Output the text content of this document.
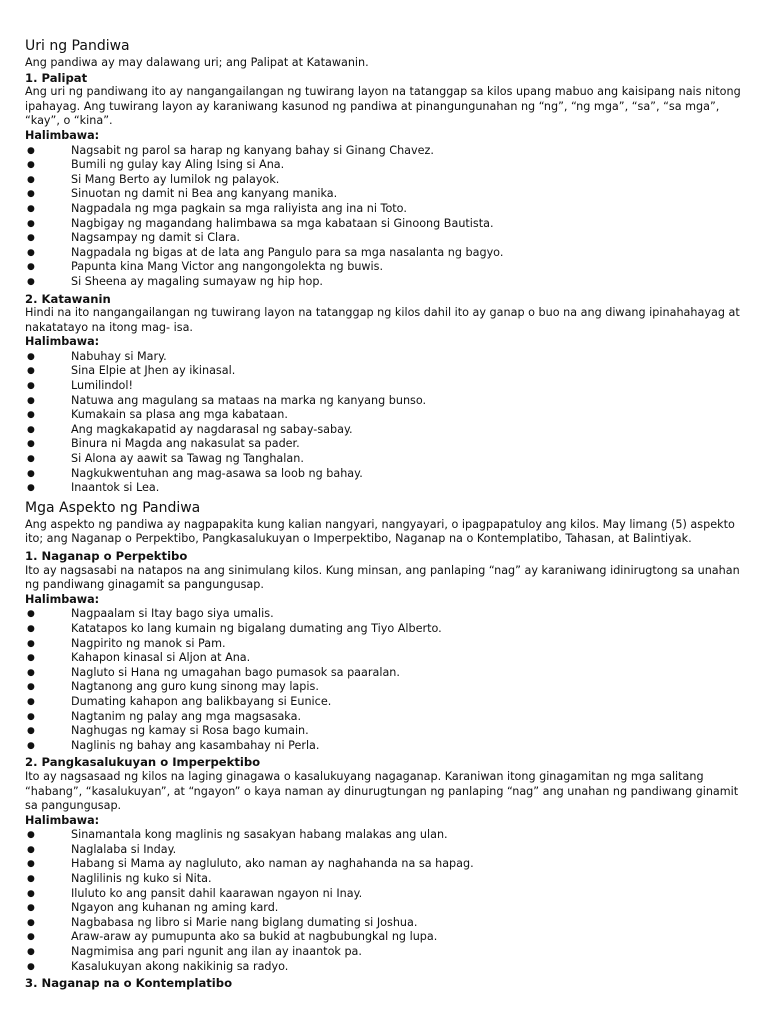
Uri ng Pandiwa

Ang pandiwa ay may dalawang uri; ang Palipat at Katawanin.

1. Palipat

Ang uri ng pandiwang ito ay nangangailangan ng tuwirang layon na tatanggap sa kilos upang mabuo ang kaisipang nais nitong ipahayag. Ang tuwirang layon ay karaniwang kasunod ng pandiwa at pinangungunahan ng “ng”, “ng mga”, “sa”, “sa mga”, “kay”, o “kina”.

Halimbawa:

●	Nagsabit ng parol sa harap ng kanyang bahay si Ginang Chavez.
●	Bumili ng gulay kay Aling Ising si Ana.
●	Si Mang Berto ay lumilok ng palayok.
●	Sinuotan ng damit ni Bea ang kanyang manika.
●	Nagpadala ng mga pagkain sa mga raliyista ang ina ni Toto.
●	Nagbigay ng magandang halimbawa sa mga kabataan si Ginoong Bautista.
●	Nagsampay ng damit si Clara.
●	Nagpadala ng bigas at de lata ang Pangulo para sa mga nasalanta ng bagyo.
●	Papunta kina Mang Victor ang nangongolekta ng buwis.
●	Si Sheena ay magaling sumayaw ng hip hop.
2. Katawanin

Hindi na ito nangangailangan ng tuwirang layon na tatanggap ng kilos dahil ito ay ganap o buo na ang diwang ipinahahayag at nakatatayo na itong mag- isa.

Halimbawa:

●	Nabuhay si Mary.
●	Sina Elpie at Jhen ay ikinasal.
●	Lumilindol!
●	Natuwa ang magulang sa mataas na marka ng kanyang bunso.
●	Kumakain sa plasa ang mga kabataan.
●	Ang magkakapatid ay nagdarasal ng sabay-sabay.
●	Binura ni Magda ang nakasulat sa pader.
●	Si Alona ay aawit sa Tawag ng Tanghalan.
●	Nagkukwentuhan ang mag-asawa sa loob ng bahay.
●	Inaantok si Lea.
Mga Aspekto ng Pandiwa

Ang aspekto ng pandiwa ay nagpapakita kung kalian nangyari, nangyayari, o ipagpapatuloy ang kilos. May limang (5) aspekto ito; ang Naganap o Perpektibo, Pangkasalukuyan o Imperpektibo, Naganap na o Kontemplatibo, Tahasan, at Balintiyak.

1. Naganap o Perpektibo

Ito ay nagsasabi na natapos na ang sinimulang kilos. Kung minsan, ang panlaping “nag” ay karaniwang idinirugtong sa unahan ng pandiwang ginagamit sa pangungusap.

Halimbawa:

●	Nagpaalam si Itay bago siya umalis.
●	Katatapos ko lang kumain ng bigalang dumating ang Tiyo Alberto.
●	Nagpirito ng manok si Pam.
●	Kahapon kinasal si Aljon at Ana.
●	Nagluto si Hana ng umagahan bago pumasok sa paaralan.
●	Nagtanong ang guro kung sinong may lapis.
●	Dumating kahapon ang balikbayang si Eunice.
●	Nagtanim ng palay ang mga magsasaka.
●	Naghugas ng kamay si Rosa bago kumain.
●	Naglinis ng bahay ang kasambahay ni Perla.
2. Pangkasalukuyan o Imperpektibo

Ito ay nagsasaad ng kilos na laging ginagawa o kasalukuyang nagaganap. Karaniwan itong ginagamitan ng mga salitang “habang”, “kasalukuyan”, at “ngayon” o kaya naman ay dinurugtungan ng panlaping “nag” ang unahan ng pandiwang ginamit sa pangungusap.

Halimbawa:

●	Sinamantala kong maglinis ng sasakyan habang malakas ang ulan.
●	Naglalaba si Inday.
●	Habang si Mama ay nagluluto, ako naman ay naghahanda na sa hapag.
●	Naglilinis ng kuko si Nita.
●	Iluluto ko ang pansit dahil kaarawan ngayon ni Inay.
●	Ngayon ang kuhanan ng aming kard.
●	Nagbabasa ng libro si Marie nang biglang dumating si Joshua.
●	Araw-araw ay pumupunta ako sa bukid at nagbubungkal ng lupa.
●	Nagmimisa ang pari ngunit ang ilan ay inaantok pa.
●	Kasalukuyan akong nakikinig sa radyo.
3. Naganap na o Kontemplatibo
